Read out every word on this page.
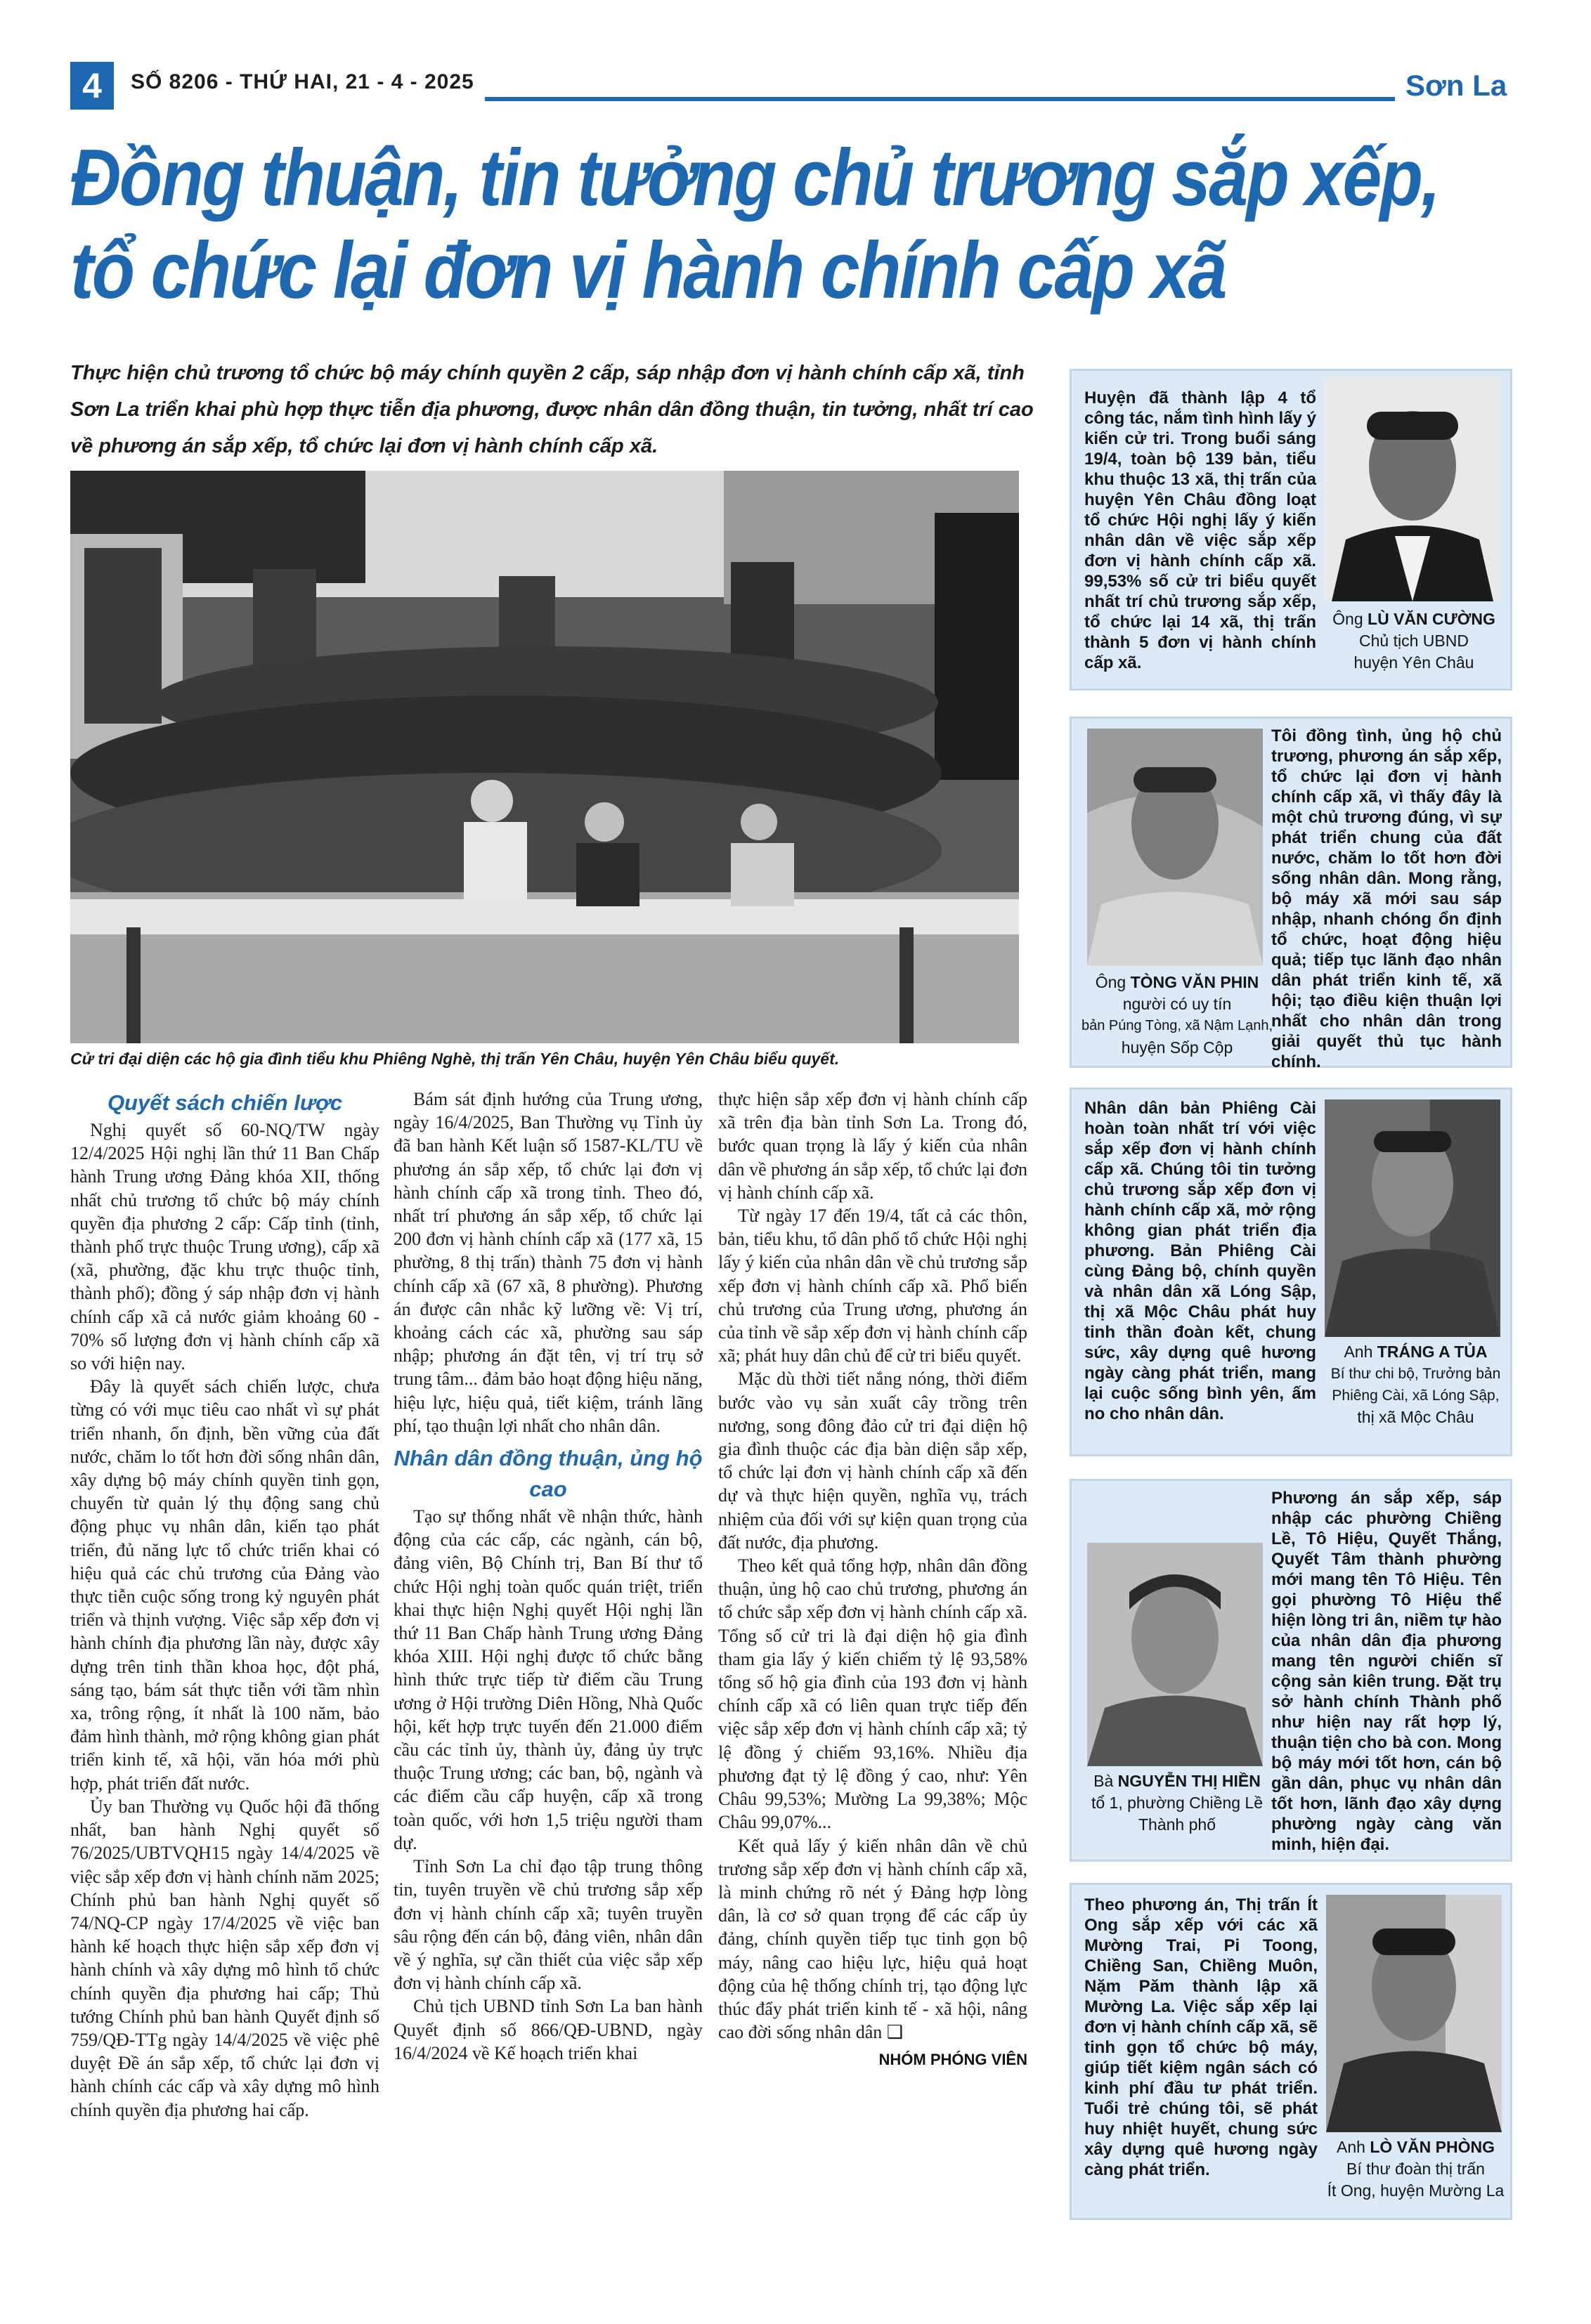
4	SỐ 8206 - THỨ HAI, 21 - 4 - 2025	Sơn La
Đồng thuận, tin tưởng chủ trương sắp xếp,
tổ chức lại đơn vị hành chính cấp xã
Thực hiện chủ trương tổ chức bộ máy chính quyền 2 cấp, sáp nhập đơn vị hành chính cấp xã, tỉnh Sơn La triển khai phù hợp thực tiễn địa phương, được nhân dân đồng thuận, tin tưởng, nhất trí cao về phương án sắp xếp, tổ chức lại đơn vị hành chính cấp xã.
Cử tri đại diện các hộ gia đình tiểu khu Phiêng Nghè, thị trấn Yên Châu, huyện Yên Châu biểu quyết.

Quyết sách chiến lược

Nghị quyết số 60-NQ/TW ngày 12/4/2025 Hội nghị lần thứ 11 Ban Chấp hành Trung ương Đảng khóa XII, thống nhất chủ trương tổ chức bộ máy chính quyền địa phương 2 cấp: Cấp tỉnh (tỉnh, thành phố trực thuộc Trung ương), cấp xã (xã, phường, đặc khu trực thuộc tỉnh, thành phố); đồng ý sáp nhập đơn vị hành chính cấp xã cả nước giảm khoảng 60 - 70% số lượng đơn vị hành chính cấp xã so với hiện nay.

Đây là quyết sách chiến lược, chưa từng có với mục tiêu cao nhất vì sự phát triển nhanh, ổn định, bền vững của đất nước, chăm lo tốt hơn đời sống nhân dân, xây dựng bộ máy chính quyền tinh gọn, chuyển từ quản lý thụ động sang chủ động phục vụ nhân dân, kiến tạo phát triển, đủ năng lực tổ chức triển khai có hiệu quả các chủ trương của Đảng vào thực tiễn cuộc sống trong kỷ nguyên phát triển và thịnh vượng. Việc sắp xếp đơn vị hành chính địa phương lần này, được xây dựng trên tinh thần khoa học, đột phá, sáng tạo, bám sát thực tiễn với tầm nhìn xa, trông rộng, ít nhất là 100 năm, bảo đảm hình thành, mở rộng không gian phát triển kinh tế, xã hội, văn hóa mới phù hợp, phát triển đất nước.

Ủy ban Thường vụ Quốc hội đã thống nhất, ban hành Nghị quyết số 76/2025/UBTVQH15 ngày 14/4/2025 về việc sắp xếp đơn vị hành chính năm 2025; Chính phủ ban hành Nghị quyết số 74/NQ-CP ngày 17/4/2025 về việc ban hành kế hoạch thực hiện sắp xếp đơn vị hành chính và xây dựng mô hình tổ chức chính quyền địa phương hai cấp; Thủ tướng Chính phủ ban hành Quyết định số 759/QĐ-TTg ngày 14/4/2025 về việc phê duyệt Đề án sắp xếp, tổ chức lại đơn vị hành chính các cấp và xây dựng mô hình chính quyền địa phương hai cấp.

Bám sát định hướng của Trung ương, ngày 16/4/2025, Ban Thường vụ Tỉnh ủy đã ban hành Kết luận số 1587-KL/TU về phương án sắp xếp, tổ chức lại đơn vị hành chính cấp xã trong tỉnh. Theo đó, nhất trí phương án sắp xếp, tổ chức lại 200 đơn vị hành chính cấp xã (177 xã, 15 phường, 8 thị trấn) thành 75 đơn vị hành chính cấp xã (67 xã, 8 phường). Phương án được cân nhắc kỹ lưỡng về: Vị trí, khoảng cách các xã, phường sau sáp nhập; phương án đặt tên, vị trí trụ sở trung tâm... đảm bảo hoạt động hiệu năng, hiệu lực, hiệu quả, tiết kiệm, tránh lãng phí, tạo thuận lợi nhất cho nhân dân.

Nhân dân đồng thuận, ủng hộ cao

Tạo sự thống nhất về nhận thức, hành động của các cấp, các ngành, cán bộ, đảng viên, Bộ Chính trị, Ban Bí thư tổ chức Hội nghị toàn quốc quán triệt, triển khai thực hiện Nghị quyết Hội nghị lần thứ 11 Ban Chấp hành Trung ương Đảng khóa XIII. Hội nghị được tổ chức bằng hình thức trực tiếp từ điểm cầu Trung ương ở Hội trường Diên Hồng, Nhà Quốc hội, kết hợp trực tuyến đến 21.000 điểm cầu các tỉnh ủy, thành ủy, đảng ủy trực thuộc Trung ương; các ban, bộ, ngành và các điểm cầu cấp huyện, cấp xã trong toàn quốc, với hơn 1,5 triệu người tham dự.

Tỉnh Sơn La chỉ đạo tập trung thông tin, tuyên truyền về chủ trương sắp xếp đơn vị hành chính cấp xã; tuyên truyền sâu rộng đến cán bộ, đảng viên, nhân dân về ý nghĩa, sự cần thiết của việc sắp xếp đơn vị hành chính cấp xã.

Chủ tịch UBND tỉnh Sơn La ban hành Quyết định số 866/QĐ-UBND, ngày 16/4/2024 về Kế hoạch triển khai

thực hiện sắp xếp đơn vị hành chính cấp xã trên địa bàn tỉnh Sơn La. Trong đó, bước quan trọng là lấy ý kiến của nhân dân về phương án sắp xếp, tổ chức lại đơn vị hành chính cấp xã.

Từ ngày 17 đến 19/4, tất cả các thôn, bản, tiểu khu, tổ dân phố tổ chức Hội nghị lấy ý kiến của nhân dân về chủ trương sắp xếp đơn vị hành chính cấp xã. Phổ biến chủ trương của Trung ương, phương án của tỉnh về sắp xếp đơn vị hành chính cấp xã; phát huy dân chủ để cử tri biểu quyết.

Mặc dù thời tiết nắng nóng, thời điểm bước vào vụ sản xuất cây trồng trên nương, song đông đảo cử tri đại diện hộ gia đình thuộc các địa bàn diện sắp xếp, tổ chức lại đơn vị hành chính cấp xã đến dự và thực hiện quyền, nghĩa vụ, trách nhiệm của đối với sự kiện quan trọng của đất nước, địa phương.

Theo kết quả tổng hợp, nhân dân đồng thuận, ủng hộ cao chủ trương, phương án tổ chức sắp xếp đơn vị hành chính cấp xã. Tổng số cử tri là đại diện hộ gia đình tham gia lấy ý kiến chiếm tỷ lệ 93,58% tổng số hộ gia đình của 193 đơn vị hành chính cấp xã có liên quan trực tiếp đến việc sắp xếp đơn vị hành chính cấp xã; tỷ lệ đồng ý chiếm 93,16%. Nhiều địa phương đạt tỷ lệ đồng ý cao, như: Yên Châu 99,53%; Mường La 99,38%; Mộc Châu 99,07%...

Kết quả lấy ý kiến nhân dân về chủ trương sắp xếp đơn vị hành chính cấp xã, là minh chứng rõ nét ý Đảng hợp lòng dân, là cơ sở quan trọng để các cấp ủy đảng, chính quyền tiếp tục tinh gọn bộ máy, nâng cao hiệu lực, hiệu quả hoạt động của hệ thống chính trị, tạo động lực thúc đẩy phát triển kinh tế - xã hội, nâng cao đời sống nhân dân ❑

NHÓM PHÓNG VIÊN

Huyện đã thành lập 4 tổ công tác, nắm tình hình lấy ý kiến cử tri. Trong buổi sáng 19/4, toàn bộ 139 bản, tiểu khu thuộc 13 xã, thị trấn của huyện Yên Châu đồng loạt tổ chức Hội nghị lấy ý kiến nhân dân về việc sắp xếp đơn vị hành chính cấp xã. 99,53% số cử tri biểu quyết nhất trí chủ trương sắp xếp, tổ chức lại 14 xã, thị trấn thành 5 đơn vị hành chính cấp xã.

Ông LÙ VĂN CƯỜNG
Chủ tịch UBND
huyện Yên Châu

Tôi đồng tình, ủng hộ chủ trương, phương án sắp xếp, tổ chức lại đơn vị hành chính cấp xã, vì thấy đây là một chủ trương đúng, vì sự phát triển chung của đất nước, chăm lo tốt hơn đời sống nhân dân. Mong rằng, bộ máy xã mới sau sáp nhập, nhanh chóng ổn định tổ chức, hoạt động hiệu quả; tiếp tục lãnh đạo nhân dân phát triển kinh tế, xã hội; tạo điều kiện thuận lợi nhất cho nhân dân trong giải quyết thủ tục hành chính.

Ông TÒNG VĂN PHIN
người có uy tín
bản Púng Tòng, xã Nậm Lạnh,
huyện Sốp Cộp

Nhân dân bản Phiêng Cài hoàn toàn nhất trí với việc sắp xếp đơn vị hành chính cấp xã. Chúng tôi tin tưởng chủ trương sắp xếp đơn vị hành chính cấp xã, mở rộng không gian phát triển địa phương. Bản Phiêng Cài cùng Đảng bộ, chính quyền và nhân dân xã Lóng Sập, thị xã Mộc Châu phát huy tinh thần đoàn kết, chung sức, xây dựng quê hương ngày càng phát triển, mang lại cuộc sống bình yên, ấm no cho nhân dân.

Anh TRÁNG A TỦA
Bí thư chi bộ, Trưởng bản
Phiêng Cài, xã Lóng Sập,
thị xã Mộc Châu

Phương án sắp xếp, sáp nhập các phường Chiềng Lề, Tô Hiệu, Quyết Thắng, Quyết Tâm thành phường mới mang tên Tô Hiệu. Tên gọi phường Tô Hiệu thể hiện lòng tri ân, niềm tự hào của nhân dân địa phương mang tên người chiến sĩ cộng sản kiên trung. Đặt trụ sở hành chính Thành phố như hiện nay rất hợp lý, thuận tiện cho bà con. Mong bộ máy mới tốt hơn, cán bộ gần dân, phục vụ nhân dân tốt hơn, lãnh đạo xây dựng phường ngày càng văn minh, hiện đại.

Bà NGUYỄN THỊ HIỀN
tổ 1, phường Chiềng Lề
Thành phố

Theo phương án, Thị trấn Ít Ong sắp xếp với các xã Mường Trai, Pi Toong, Chiềng San, Chiềng Muôn, Nặm Păm thành lập xã Mường La. Việc sắp xếp lại đơn vị hành chính cấp xã, sẽ tinh gọn tổ chức bộ máy, giúp tiết kiệm ngân sách có kinh phí đầu tư phát triển. Tuổi trẻ chúng tôi, sẽ phát huy nhiệt huyết, chung sức xây dựng quê hương ngày càng phát triển.

Anh LÒ VĂN PHÒNG
Bí thư đoàn thị trấn
Ít Ong, huyện Mường La
